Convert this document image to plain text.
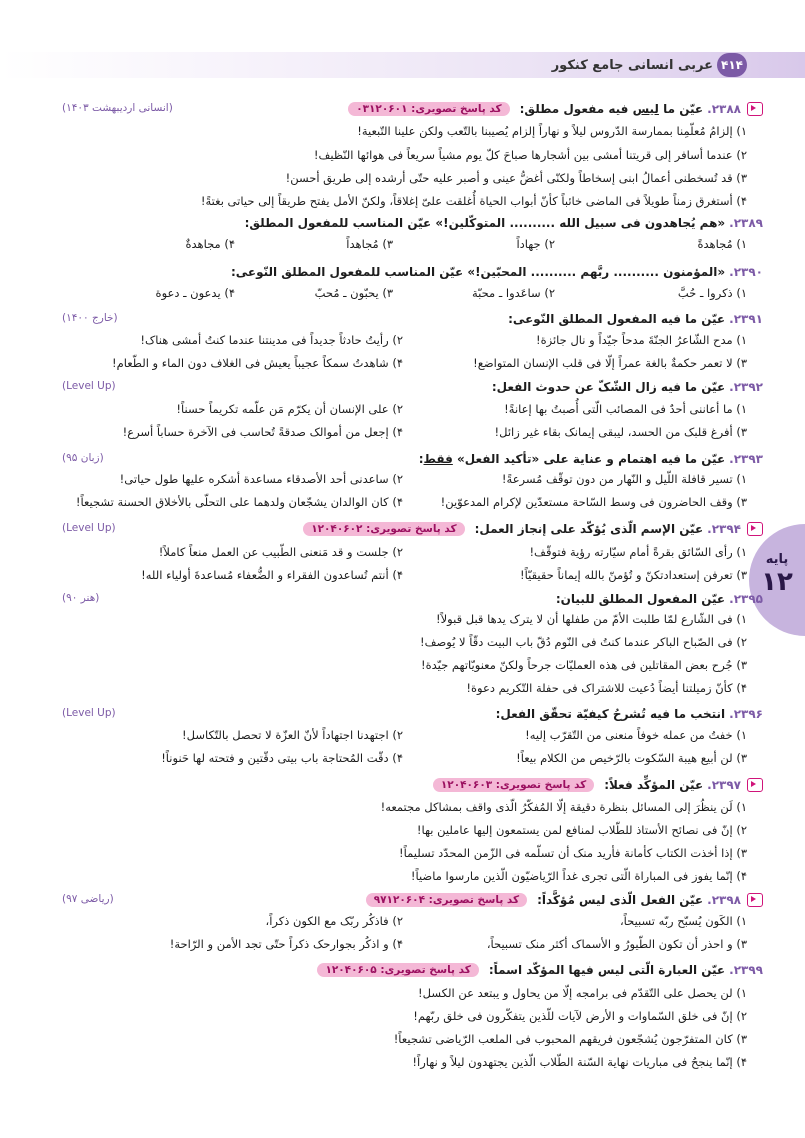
عربی انسانی جامع کنکور ۴۱۴
پایه
۱۲
۲۳۸۸.
عیّن ما لیس فیه مفعول مطلق:
کد پاسخ تصویری: ۰۳۱۲۰۶۰۱
(انسانی اردیبهشت ۱۴۰۳)
۱) إلزامُ مُعلّمِنا بممارسة الدّروس لیلاً و نهاراً إلزام یُصیبنا بالتّعب ولکن علینا التّبعیة!
۲) عندما أسافر إلی قریتنا أمشی بین أشجارها صباحَ کلّ یوم مشیاً سریعاً فی هوائها النّظیف!
۳) قد تُسخطنی أعمالُ ابنی إسخاطاً ولکنّی أغضُّ عینی و أصبر علیه حتّی أرشده إلی طریق أحسن!
۴) أستغرق زمناً طویلاً فی الماضی خائباً کأنّ أبواب الحیاة أُغلقت علیّ إغلاقاً، ولکنّ الأمل یفتح طریقاً إلی حیاتی بغتةً!
۲۳۸۹.
«هم یُجاهدون فی سبیل الله .......... المتوکّلین!» عیّن المناسب للمفعول المطلق:
۱) مُجاهدةً
۲) جهاداً
۳) مُجاهداً
۴) مجاهدةٌ
۲۳۹۰.
«المؤمنون .......... ربَّهم .......... المحبّین!» عیّن المناسب للمفعول المطلق النّوعی:
۱) ذکروا ـ حُبَّ
۲) ساعَدوا ـ محبّة
۳) یحبّون ـ مُحبّ
۴) یدعون ـ دعوة
۲۳۹۱.
عیّن ما فیه المفعول المطلق النّوعی:
(خارج ۱۴۰۰)
۱) مدح الشّاعرُ الجنّةَ مدحاً جیّداً و نال جائزة!
۲) رأیتُ حادثاً جدیداً فی مدینتنا عندما کنتُ أمشی هناک!
۳) لا تعمر حکمةٌ بالغة عمراً إلّا فی قلب الإنسان المتواضع!
۴) شاهدتُ سمکاً عجیباً یعیش فی الغلاف دون الماء و الطّعام!
۲۳۹۲.
عیّن ما فیه زال الشّکّ عن حدوث الفعل:
(Level Up)
۱) ما أعاننی أحدٌ فی المصائب الّتی أُصبتُ بها إعانةً!
۲) علی الإنسان أن یکرّم مَن علّمه تکریماً حسناً!
۳) أفرغ قلبک من الحسد، لیبقی إیمانک بقاء غیر زائل!
۴) إجعل من أموالک صدقةً تُحاسب فی الآخرة حساباً أسرع!
۲۳۹۳.
عیّن ما فیه اهتمام و عنایة علی «تأکید الفعل» فقط:
(زبان ۹۵)
۱) تسیر قافلة اللّیل و النّهار من دون توقّف مُسرعةً!
۲) ساعدنی أحد الأصدقاء مساعدة أشکره علیها طول حیاتی!
۳) وقف الحاضرون فی وسط السّاحة مستعدّین لإکرام المدعوّین!
۴) کان الوالدان یشجّعان ولدهما علی التحلّی بالأخلاق الحسنة تشجیعاً!
۲۳۹۴.
عیّن الإسم الّذی یُؤکّد علی إنجاز العمل:
کد پاسخ تصویری: ۱۲۰۴۰۶۰۲
(Level Up)
۱) رأی السّائق بقرةً أمام سیّارته رؤیة فتوقّف!
۲) جلست و قد مَنعنی الطّبیب عن العمل منعاً کاملاً!
۳) تعرفن إستعدادتکنّ و تُؤمنّ بالله إیماناً حقیقیّاً!
۴) أنتم تُساعدون الفقراء و الضُّعفاء مُساعدةَ أولیاء الله!
۲۳۹۵.
عیّن المفعول المطلق للبیان:
(هنر ۹۰)
۱) فی الشّارع لمّا طلبت الأمّ من طفلها أن لا یترک یدها قبل قبولاً!
۲) فی الصّباح الباکر عندما کنتُ فی النّوم دُقّ باب البیت دقّاً لا یُوصف!
۳) جُرح بعض المقاتلین فی هذه العملیّات جرحاً ولکنّ معنویّاتهم جیّدة!
۴) کأنّ زمیلتنا أیضاً دُعیت للاشتراک فی حفلة التّکریم دعوة!
۲۳۹۶.
انتخب ما فیه تُشرحُ کیفیّة تحقّق الفعل:
(Level Up)
۱) خفتُ من عمله خوفاً منعنی من التّقرّب إلیه!
۲) اجتهدنا اجتهاداً لأنّ العزّة لا تحصل بالتّکاسل!
۳) لن أبیع هیبة السّکوت بالرّخیص من الکلام بیعاً!
۴) دقّت المُحتاجة باب بیتی دقّتین و فتحته لها حَنوناً!
۲۳۹۷.
عیّن المؤکِّد فعلاً:
کد پاسخ تصویری: ۱۲۰۴۰۶۰۳
۱) لَن ینظُرَ إلی المسائل بنظرة دقیقة إلّا المُفکّرُ الّذی واقف بمشاکل مجتمعه!
۲) إنّ فی نصائح الأستاذ للطّلاب لمنافع لمن یستمعون إلیها عاملین بها!
۳) إذا أخذت الکتاب کأمانة فأرید منک أن تسلّمه فی الزّمن المحدّد تسلیماً!
۴) إنّما یفوز فی المباراة الّتی تجری غداً الرّیاضیّون الّذین مارسوا ماضیاً!
۲۳۹۸.
عیّن الفعل الّذی لیس مُؤکَّداً:
کد پاسخ تصویری: ۹۷۱۲۰۶۰۴
(ریاضی ۹۷)
۱) الکَون یُسبّح ربّه تسبیحاً،
۲) فاذکُر ربّک مع الکون ذکراً،
۳) و احذر أن تکون الطّیورُ و الأسماک أکثر منک تسبیحاً،
۴) و اذکُر بجوارحک ذکراً حتّی تجد الأمن و الرّاحة!
۲۳۹۹.
عیّن العبارة الّتی لیس فیها المؤکّد اسماً:
کد پاسخ تصویری: ۱۲۰۴۰۶۰۵
۱) لن یحصل علی التّقدّم فی برامجه إلّا من یحاول و یبتعد عن الکسل!
۲) إنّ فی خلق السّماوات و الأرض لآیات للّذین یتفکّرون فی خلق ربّهم!
۳) کان المتفرّجون یُشجّعون فریقهم المحبوب فی الملعب الرّیاضی تشجیعاً!
۴) إنّما ینجحُ فی مباریات نهایة السّنة الطّلاب الّذین یجتهدون لیلاً و نهاراً!
